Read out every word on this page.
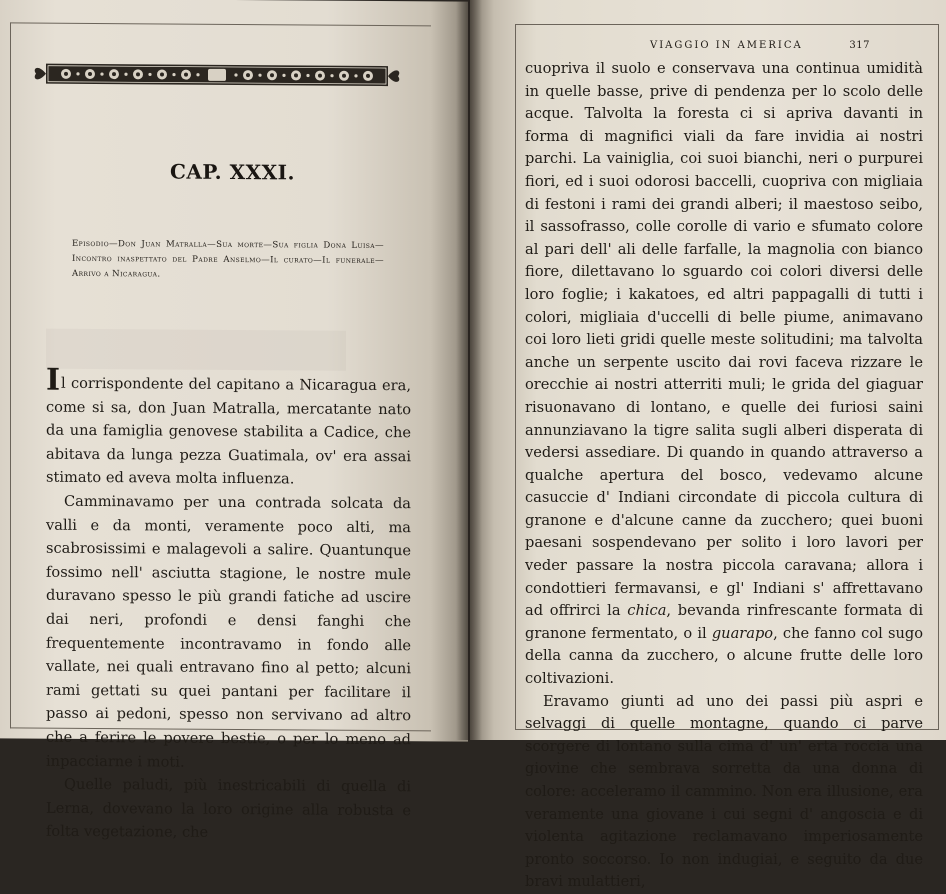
CAP. XXXI.
Episodio—Don Juan Matralla—Sua morte—Sua figlia Dona Luisa—Incontro inaspettato del Padre Anselmo—Il curato—Il funerale—Arrivo a Nicaragua.

Il corrispondente del capitano a Nicaragua era, come si sa, don Juan Matralla, mercatante nato da una famiglia genovese stabilita a Cadice, che abitava da lunga pezza Guatimala, ov' era assai stimato ed aveva molta influenza.

Camminavamo per una contrada solcata da valli e da monti, veramente poco alti, ma scabrosissimi e malagevoli a salire. Quantunque fossimo nell' asciutta stagione, le nostre mule duravano spesso le più grandi fatiche ad uscire dai neri, profondi e densi fanghi che frequentemente incontravamo in fondo alle vallate, nei quali entravano fino al petto; alcuni rami gettati su quei pantani per facilitare il passo ai pedoni, spesso non servivano ad altro che a ferire le povere bestie, o per lo meno ad inpacciarne i moti.

Quelle paludi, più inestricabili di quella di Lerna, dovevano la loro origine alla robusta e folta vegetazione, che

VIAGGIO IN AMERICA	317

cuopriva il suolo e conservava una continua umidità in quelle basse, prive di pendenza per lo scolo delle acque. Talvolta la foresta ci si apriva davanti in forma di magnifici viali da fare invidia ai nostri parchi. La vainiglia, coi suoi bianchi, neri o purpurei fiori, ed i suoi odorosi baccelli, cuopriva con migliaia di festoni i rami dei grandi alberi; il maestoso seibo, il sassofrasso, colle corolle di vario e sfumato colore al pari dell' ali delle farfalle, la magnolia con bianco fiore, dilettavano lo sguardo coi colori diversi delle loro foglie; i kakatoes, ed altri pappagalli di tutti i colori, migliaia d'uccelli di belle piume, animavano coi loro lieti gridi quelle meste solitudini; ma talvolta anche un serpente uscito dai rovi faceva rizzare le orecchie ai nostri atterriti muli; le grida del giaguar risuonavano di lontano, e quelle dei furiosi saini annunziavano la tigre salita sugli alberi disperata di vedersi assediare. Di quando in quando attraverso a qualche apertura del bosco, vedevamo alcune casuccie d' Indiani circondate di piccola cultura di granone e d'alcune canne da zucchero; quei buoni paesani sospendevano per solito i loro lavori per veder passare la nostra piccola caravana; allora i condottieri fermavansi, e gl' Indiani s' affrettavano ad offrirci la chica, bevanda rinfrescante formata di granone fermentato, o il guarapo, che fanno col sugo della canna da zucchero, o alcune frutte delle loro coltivazioni.

Eravamo giunti ad uno dei passi più aspri e selvaggi di quelle montagne, quando ci parve scorgere di lontano sulla cima d' un' erta roccia una giovine che sembrava sorretta da una donna di colore: acceleramo il cammino. Non era illusione, era veramente una giovane i cui segni d' angoscia e di violenta agitazione reclamavano imperiosamente pronto soccorso. Io non indugiai, e seguito da due bravi mulattieri,
